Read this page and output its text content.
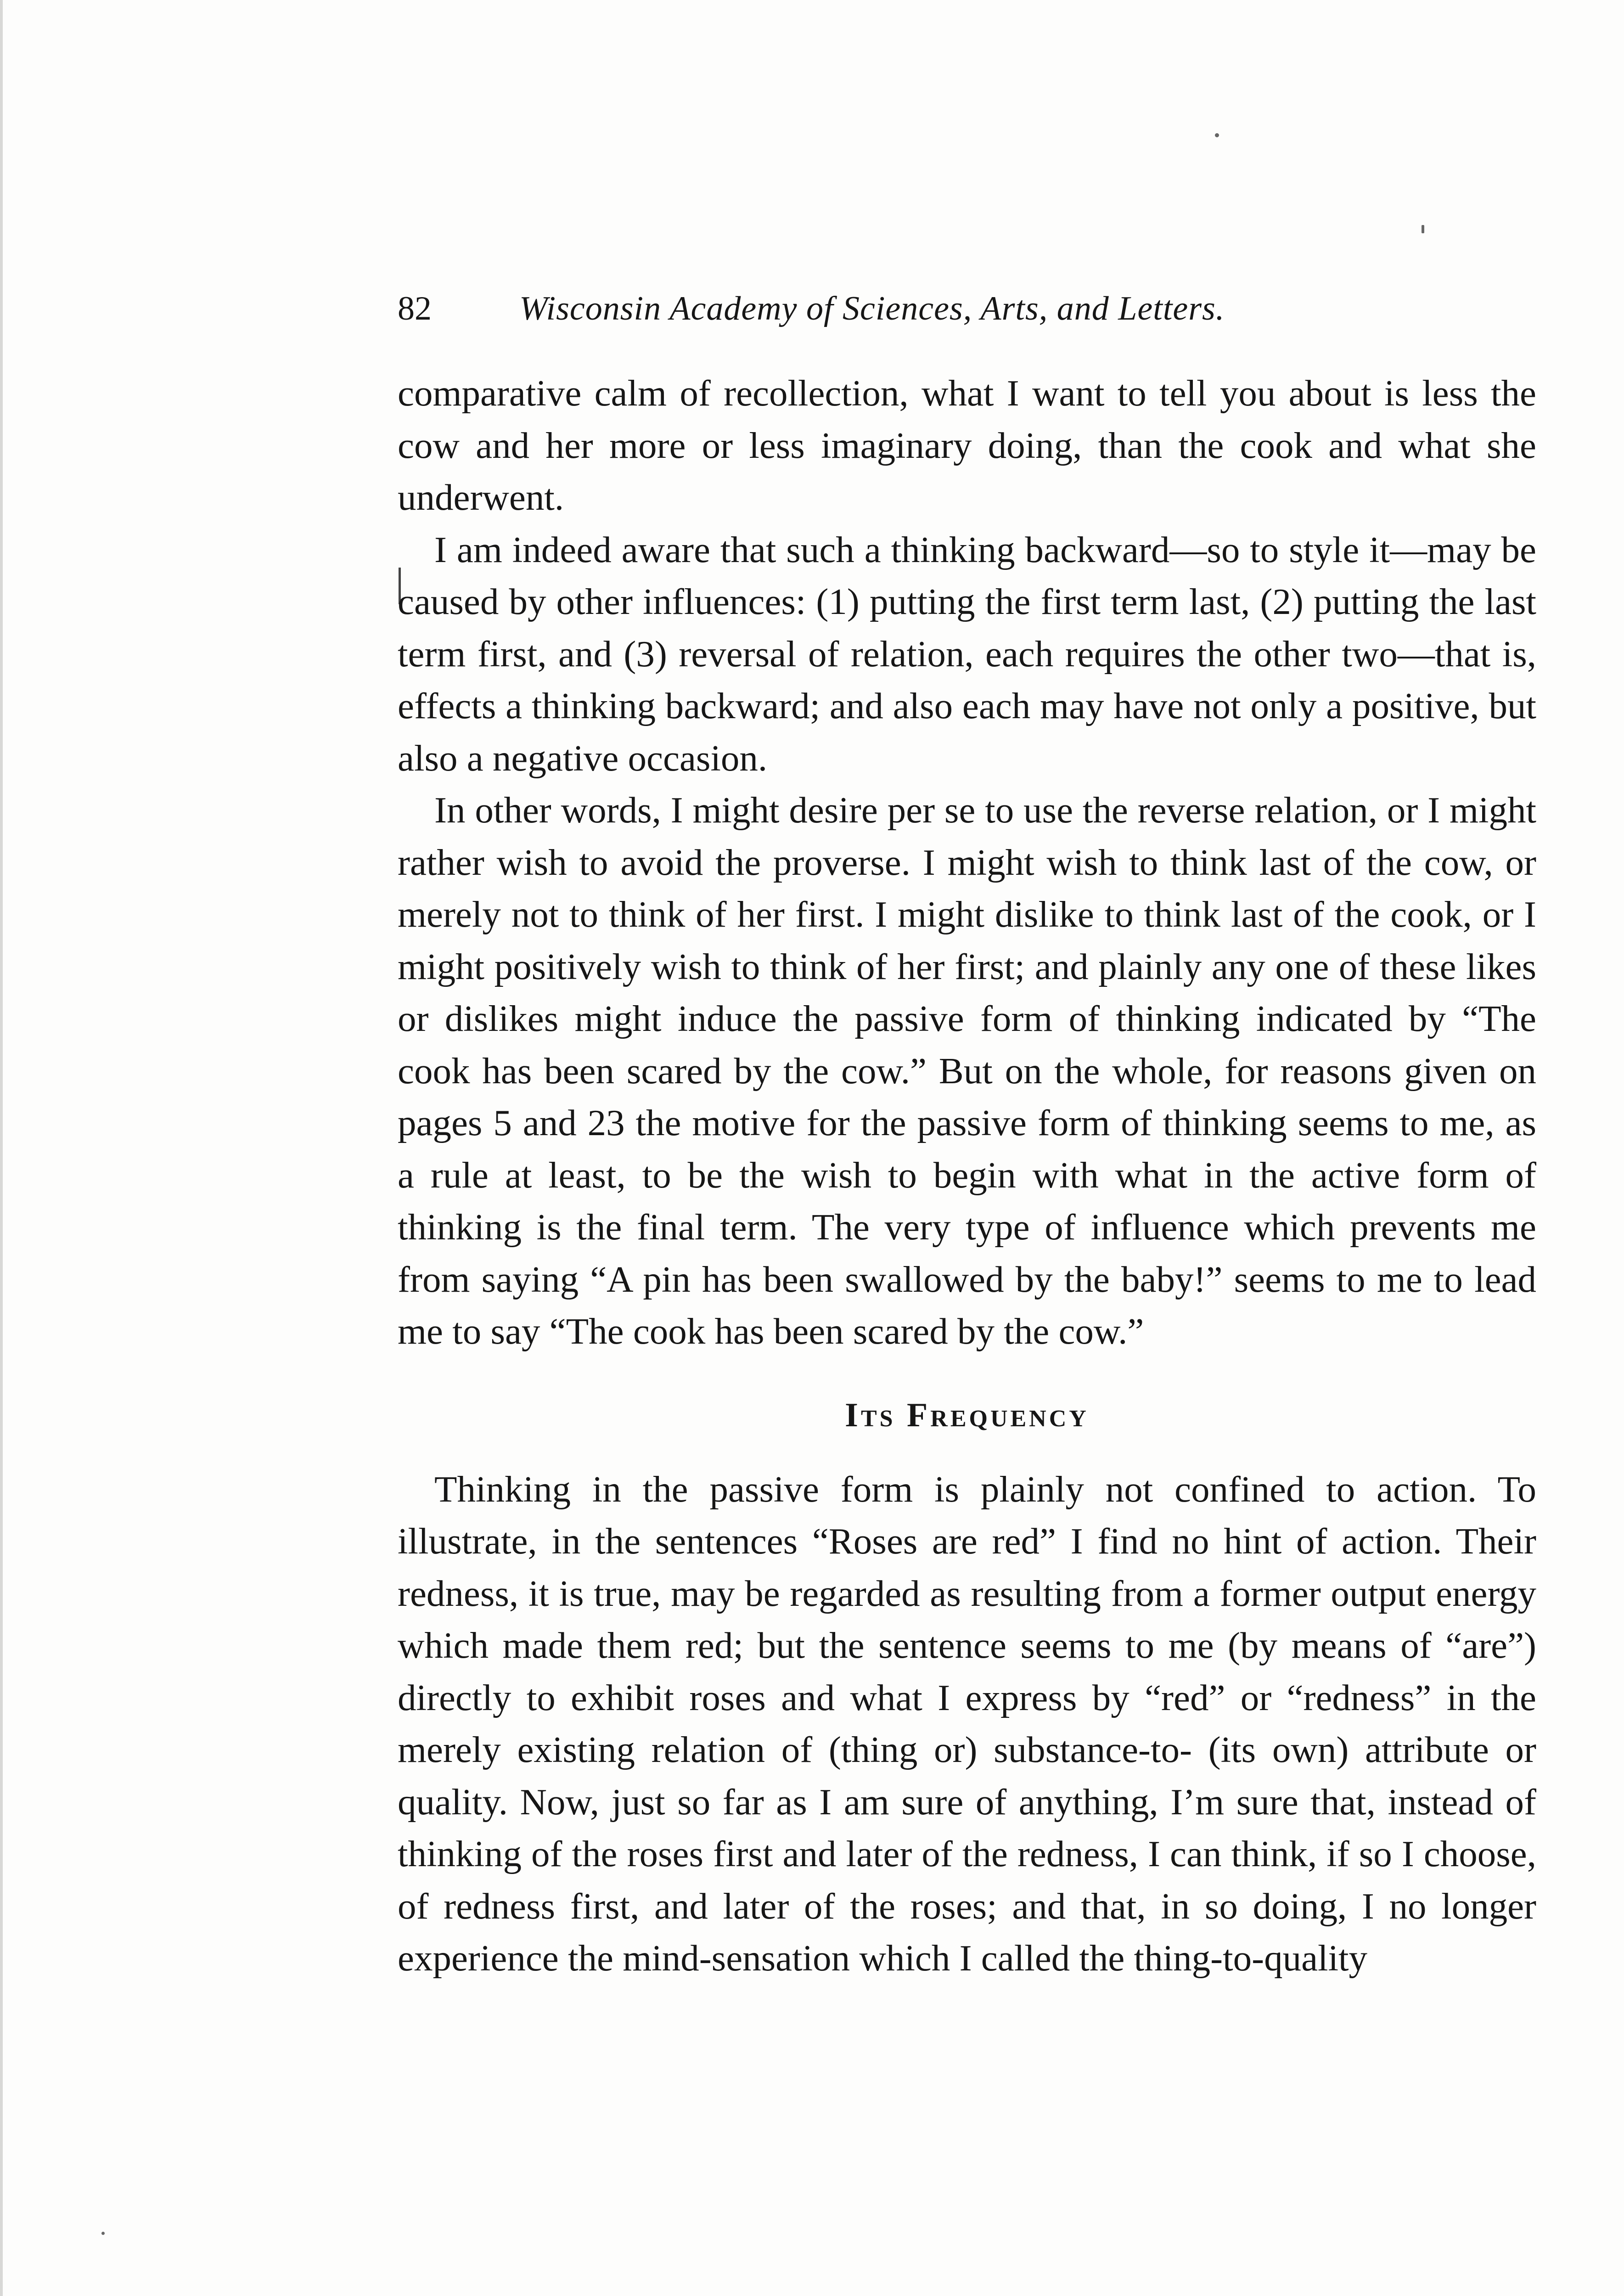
82	Wisconsin Academy of Sciences, Arts, and Letters.

comparative calm of recollection, what I want to tell you about is less the cow and her more or less imaginary doing, than the cook and what she underwent.

I am indeed aware that such a thinking backward—so to style it—may be caused by other influences: (1) putting the first term last, (2) putting the last term first, and (3) reversal of relation, each requires the other two—that is, effects a thinking backward; and also each may have not only a positive, but also a negative occasion.

In other words, I might desire per se to use the reverse relation, or I might rather wish to avoid the proverse. I might wish to think last of the cow, or merely not to think of her first. I might dislike to think last of the cook, or I might positively wish to think of her first; and plainly any one of these likes or dislikes might induce the passive form of thinking indicated by “The cook has been scared by the cow.” But on the whole, for reasons given on pages 5 and 23 the motive for the passive form of thinking seems to me, as a rule at least, to be the wish to begin with what in the active form of thinking is the final term. The very type of influence which prevents me from saying “A pin has been swallowed by the baby!” seems to me to lead me to say “The cook has been scared by the cow.”

Its Frequency

Thinking in the passive form is plainly not confined to action. To illustrate, in the sentences “Roses are red” I find no hint of action. Their redness, it is true, may be regarded as resulting from a former output energy which made them red; but the sentence seems to me (by means of “are”) directly to exhibit roses and what I express by “red” or “redness” in the merely existing relation of (thing or) substance-to- (its own) attribute or quality. Now, just so far as I am sure of anything, I’m sure that, instead of thinking of the roses first and later of the redness, I can think, if so I choose, of redness first, and later of the roses; and that, in so doing, I no longer experience the mind-sensation which I called the thing-to-quality
